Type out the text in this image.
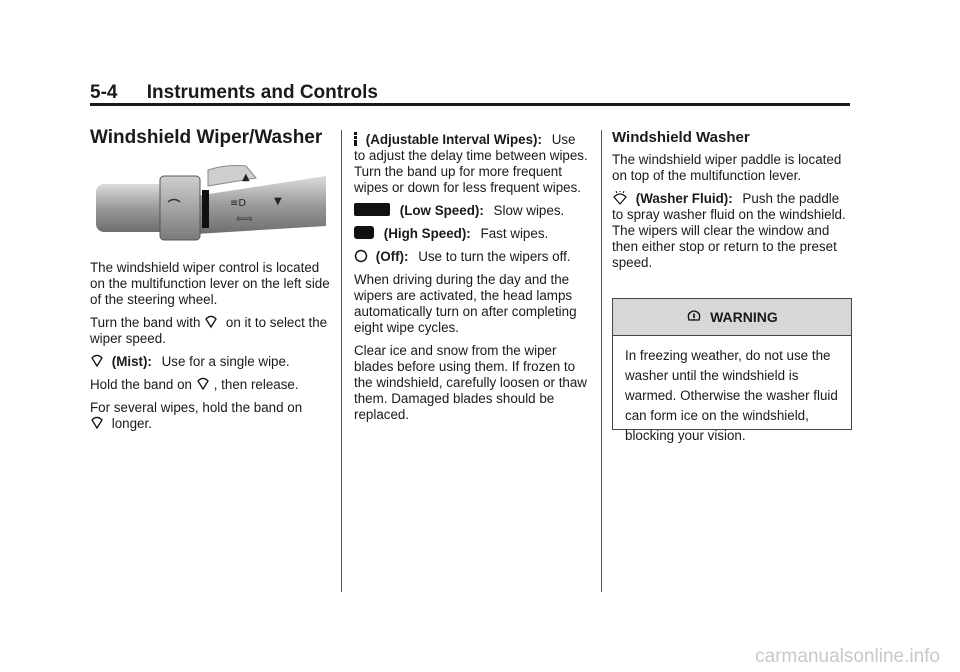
5-4 Instruments and Controls
Windshield Wiper/Washer
▲
▼
≡D
⇦⇨

The windshield wiper control is located on the multifunction lever on the left side of the steering wheel.

Turn the band with on it to select the wiper speed.

(Mist): Use for a single wipe.

Hold the band on , then release.

For several wipes, hold the band on
longer.

(Adjustable Interval Wipes): Use to adjust the delay time between wipes. Turn the band up for more frequent wipes or down for less frequent wipes.

(Low Speed): Slow wipes.

(High Speed): Fast wipes.

(Off): Use to turn the wipers off.

When driving during the day and the wipers are activated, the head lamps automatically turn on after completing eight wipe cycles.

Clear ice and snow from the wiper blades before using them. If frozen to the windshield, carefully loosen or thaw them. Damaged blades should be replaced.

Windshield Washer

The windshield wiper paddle is located on top of the multifunction lever.

(Washer Fluid): Push the paddle to spray washer fluid on the windshield. The wipers will clear the window and then either stop or return to the preset speed.

WARNING
In freezing weather, do not use the washer until the windshield is warmed. Otherwise the washer fluid can form ice on the windshield, blocking your vision.
carmanualsonline.info
